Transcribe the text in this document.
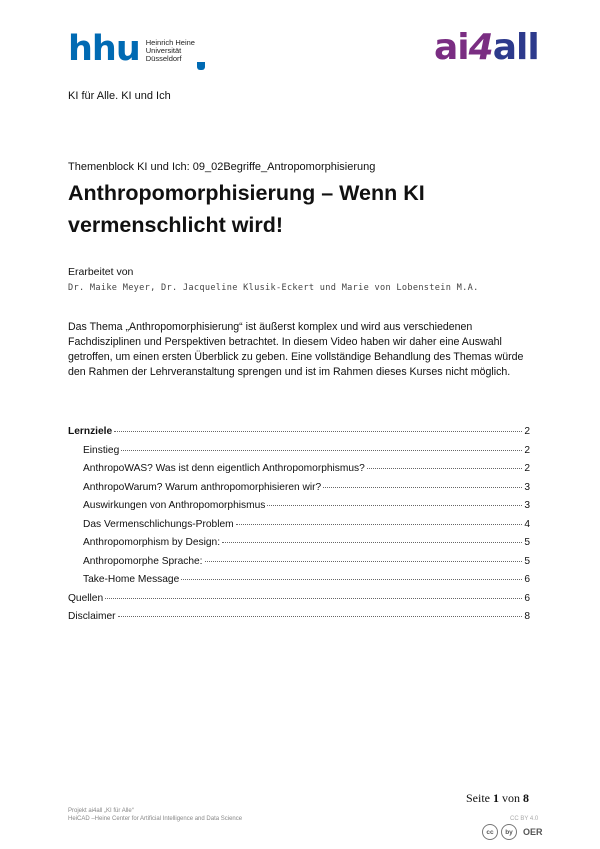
hhu Heinrich Heine
Universität
Düsseldorf	ai4all
KI für Alle. KI und Ich
Themenblock KI und Ich: 09_02Begriffe_Antropomorphisierung
Anthropomorphisierung – Wenn KI vermenschlicht wird!
Erarbeitet von
Dr. Maike Meyer, Dr. Jacqueline Klusik-Eckert und Marie von Lobenstein M.A.

Das Thema „Anthropomorphisierung“ ist äußerst komplex und wird aus verschiedenen Fachdisziplinen und Perspektiven betrachtet. In diesem Video haben wir daher eine Auswahl getroffen, um einen ersten Überblick zu geben. Eine vollständige Behandlung des Themas würde den Rahmen der Lehrveranstaltung sprengen und ist im Rahmen dieses Kurses nicht möglich.

Lernziele	2
Einstieg	2
AnthropoWAS? Was ist denn eigentlich Anthropomorphismus?	2
AnthropoWarum? Warum anthropomorphisieren wir?	3
Auswirkungen von Anthropomorphismus	3
Das Vermenschlichungs-Problem	4
Anthropomorphism by Design:	5
Anthropomorphe Sprache:	5
Take-Home Message	6
Quellen	6
Disclaimer	8
Seite 1 von 8
Projekt ai4all „KI für Alle“
HeiCAD –Heine Center for Artificial Intelligence and Data Science	CC BY 4.0
cc	by	OER
